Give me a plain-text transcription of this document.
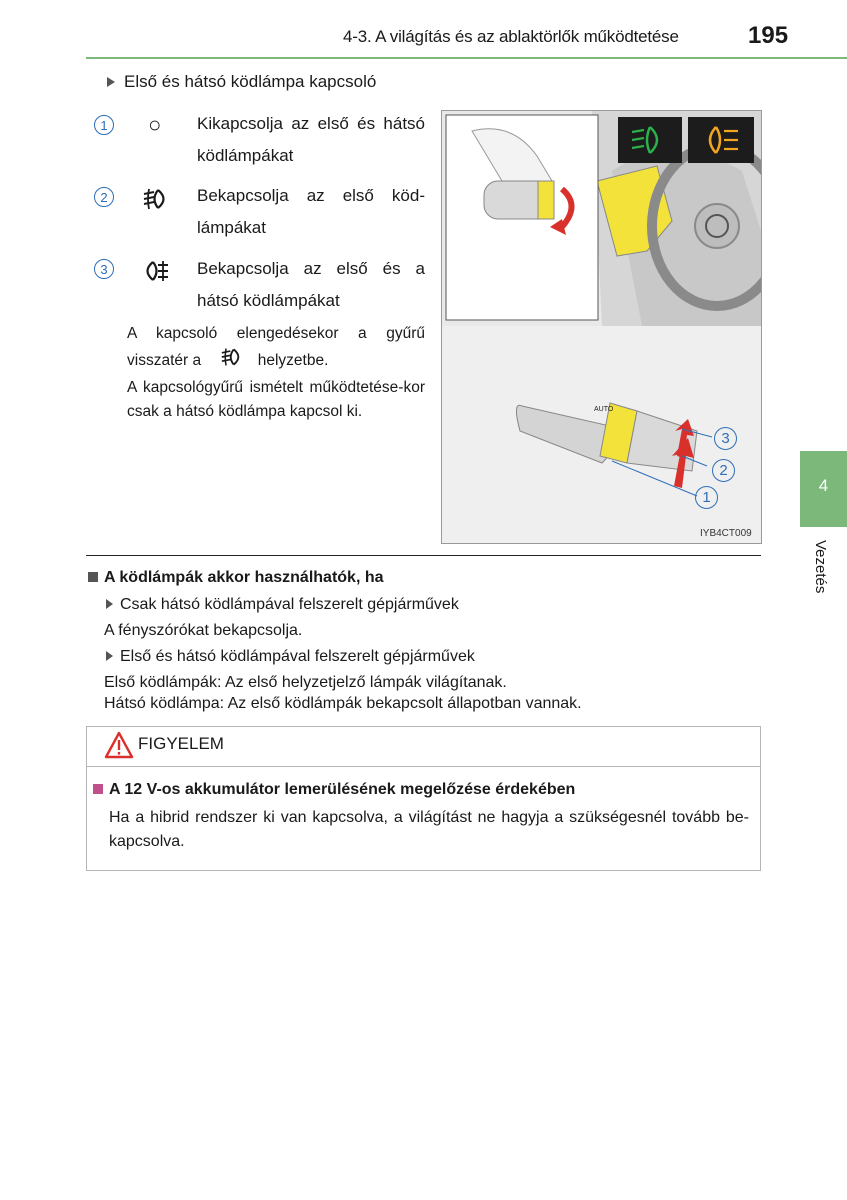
4-3. A világítás és az ablaktörlők működtetése	195
Első és hátsó ködlámpa kapcsoló
1 ○ Kikapcsolja az első és hátsó ködlámpákat
2	Bekapcsolja az első köd-lámpákat
3	Bekapcsolja az első és a hátsó ködlámpákat
A kapcsoló elengedésekor a gyűrű visszatér a	helyzetbe.
A kapcsológyűrű ismételt működtetése-kor csak a hátsó ködlámpa kapcsol ki.	AUTO
3
2
1
IYB4CT009
A ködlámpák akkor használhatók, ha
Csak hátsó ködlámpával felszerelt gépjárművek
A fényszórókat bekapcsolja.
Első és hátsó ködlámpával felszerelt gépjárművek
Első ködlámpák: Az első helyzetjelző lámpák világítanak.
Hátsó ködlámpa: Az első ködlámpák bekapcsolt állapotban vannak.
FIGYELEM
A 12 V-os akkumulátor lemerülésének megelőzése érdekében
Ha a hibrid rendszer ki van kapcsolva, a világítást ne hagyja a szükségesnél tovább be-kapcsolva.
4
Vezetés
